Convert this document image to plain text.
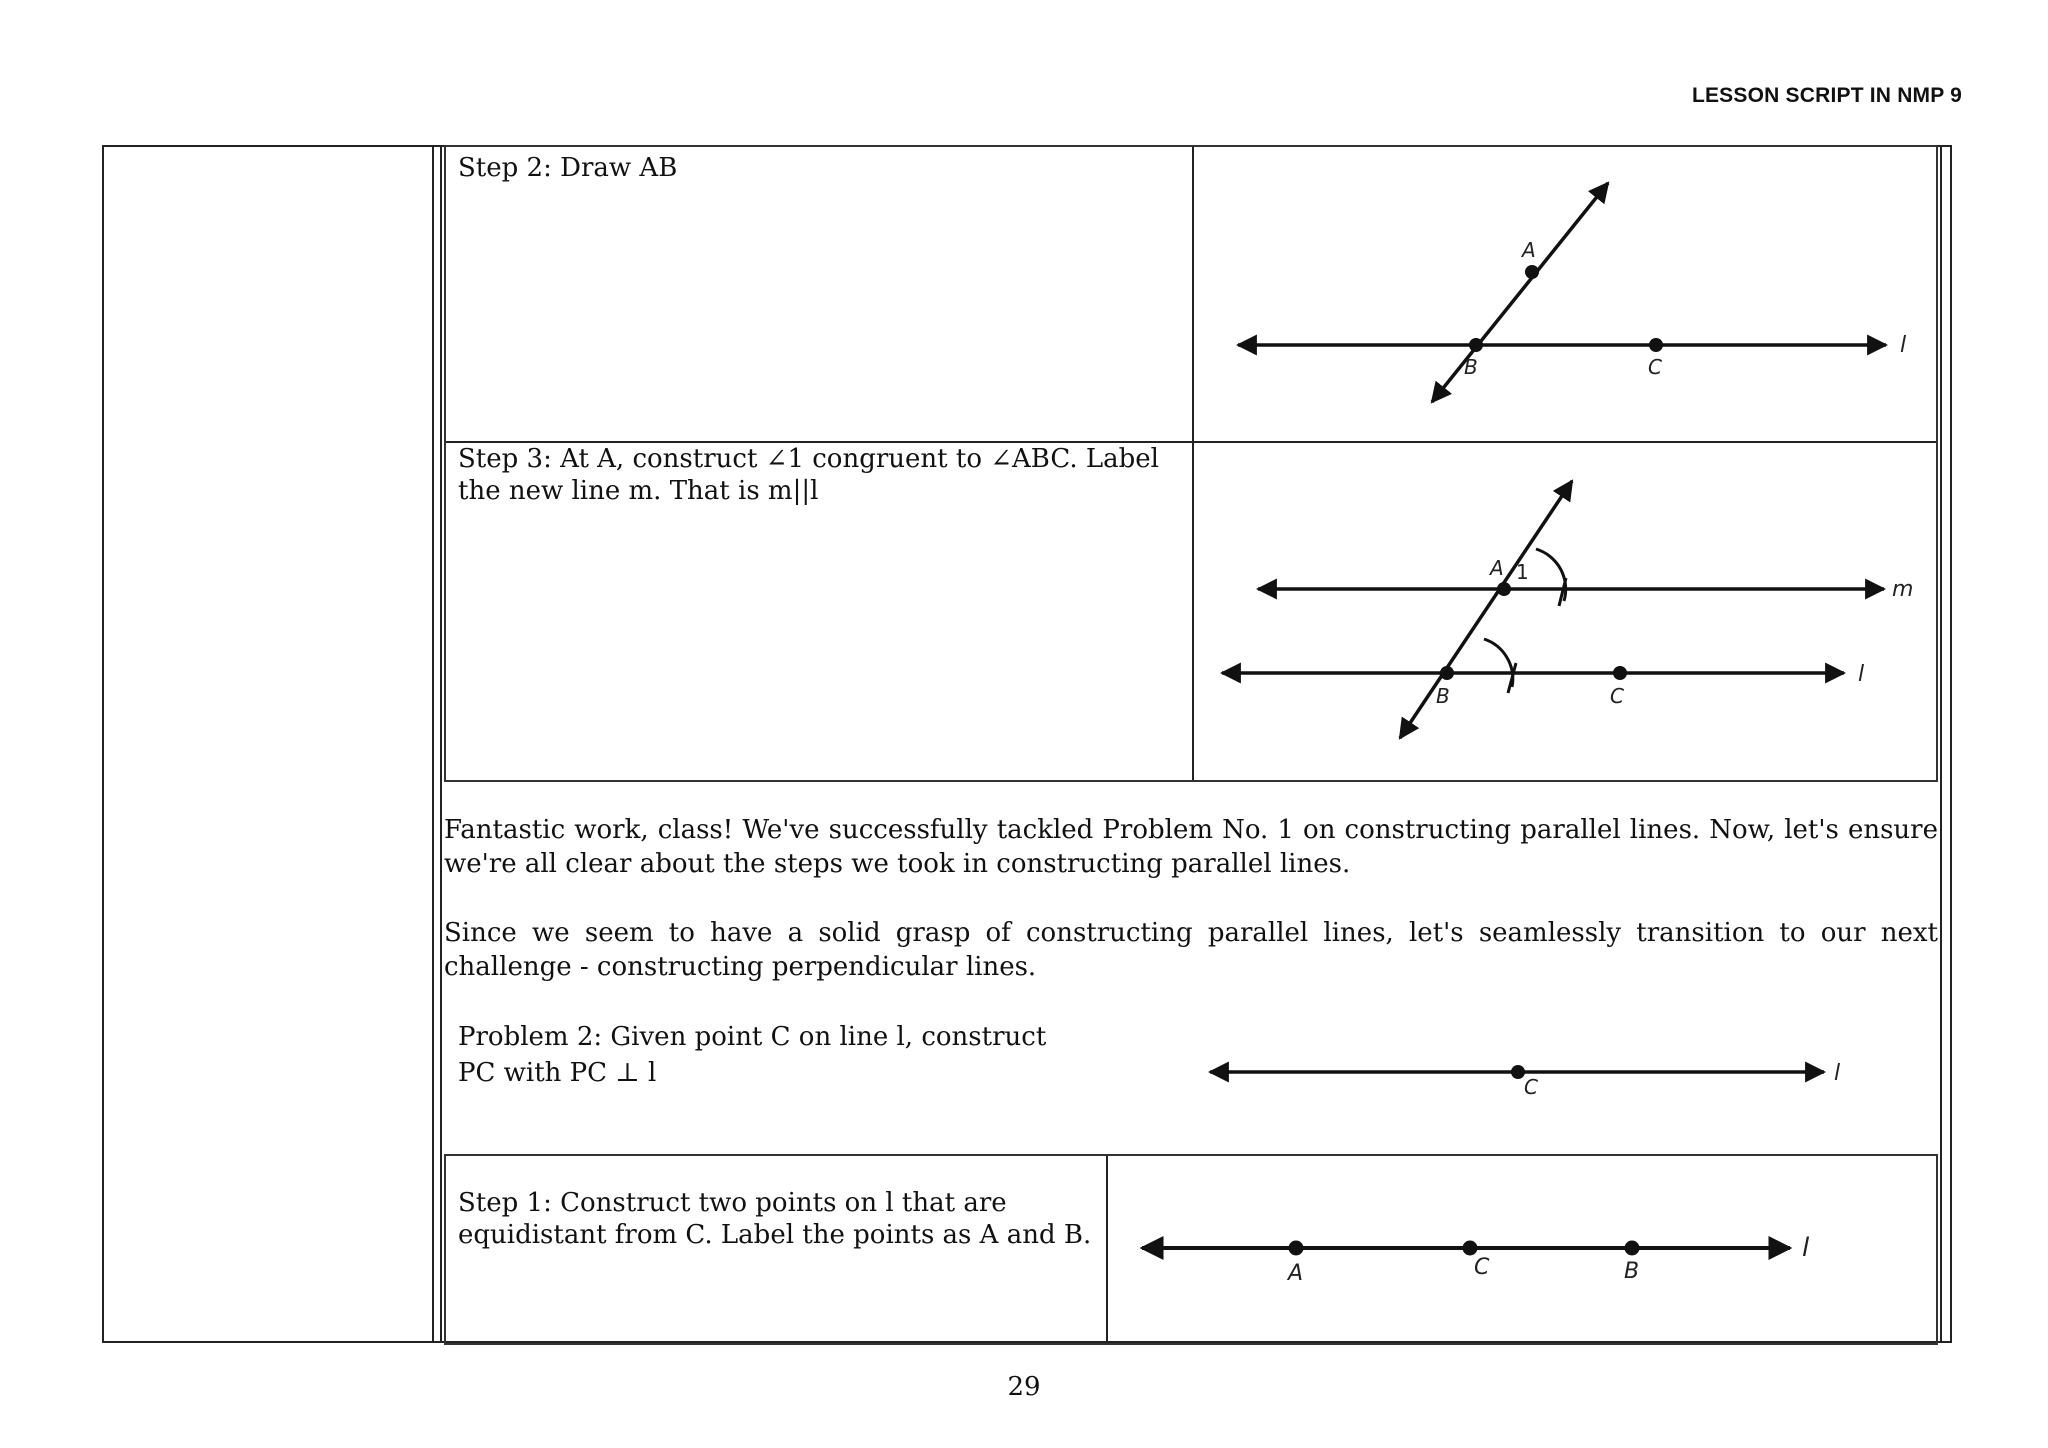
LESSON SCRIPT IN NMP 9
Step 2: Draw AB
A
B	C
l
Step 3: At A, construct ∠1 congruent to ∠ABC. Label
the new line m. That is m||l
A 1
B	C
m
l
Fantastic work, class! We've successfully tackled Problem No. 1 on constructing parallel lines. Now, let's ensure we're all clear about the steps we took in constructing parallel lines.
Since we seem to have a solid grasp of constructing parallel lines, let's seamlessly transition to our next challenge - constructing perpendicular lines.
Problem 2: Given point C on line l, construct
PC with PC ⊥ l	C
l
Step 1: Construct two points on l that are
equidistant from C. Label the points as A and B.
A	C	B
l
29
